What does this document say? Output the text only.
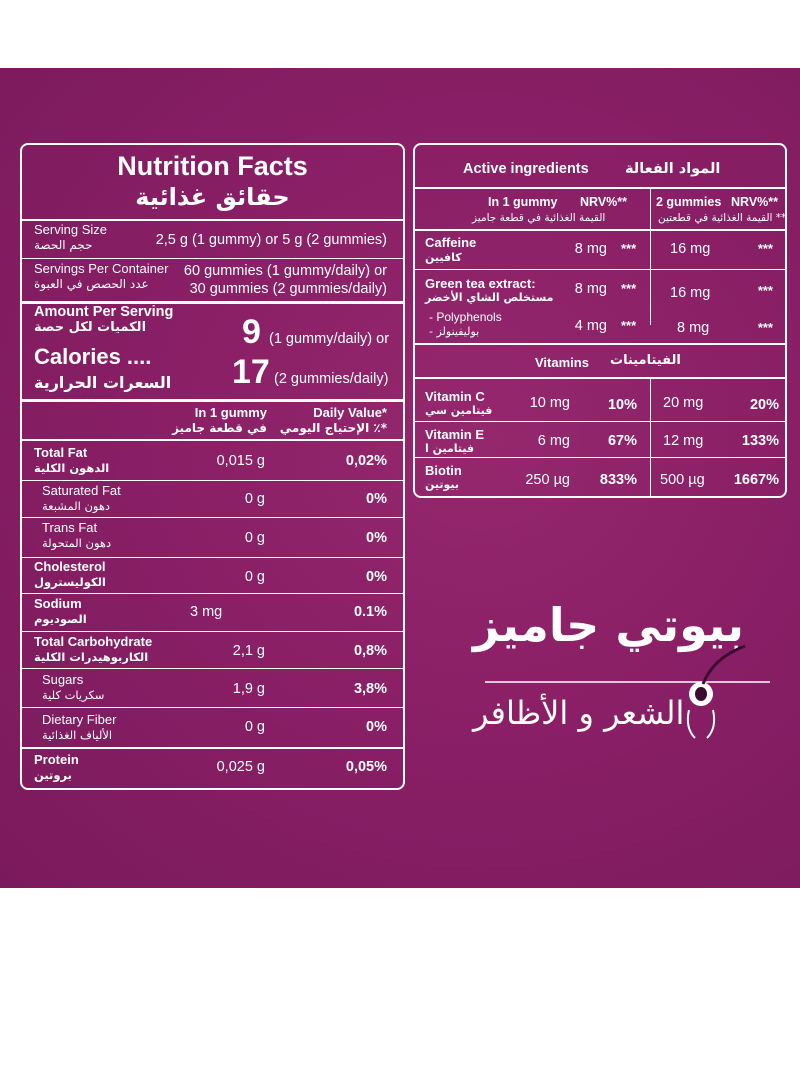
Nutrition Facts
حقائق غذائية
Serving Size
حجم الحصة	2,5 g (1 gummy) or 5 g (2 gummies)
Servings Per Container
عدد الحصص في العبوة
60 gummies (1 gummy/daily) or
30 gummies (2 gummies/daily)
Amount Per Serving
الكميات لكل حصة
Calories ....
السعرات الحرارية
9 (1 gummy/daily) or
17 (2 gummies/daily)
In 1 gummy
في قطعة جاميز
Daily Value*
الإحتياج اليومي ٪*
Total Fat
الدهون الكلية	0,015 g	0,02%
Saturated Fat
دهون المشبعة	0 g	0%
Trans Fat
دهون المتحولة	0 g	0%
Cholesterol
الكوليسترول	0 g	0%
Sodium
الصوديوم	3 mg	0.1%
Total Carbohydrate
الكاربوهيدرات الكلية	2,1 g	0,8%
Sugars
سكريات كلية	1,9 g	3,8%
Dietary Fiber
الألياف الغذائية	0 g	0%
Protein
بروتين	0,025 g	0,05%
Active ingredients	المواد الفعالة
In 1 gummy NRV%**
القيمة الغذائية في قطعة جاميز
2 gummies NRV%**
القيمة الغذائية في قطعتين **
Caffeine
كافيين
8 mg *** 16 mg	***
Green tea extract:
مستخلص الشاي الأخضر
8 mg *** 16 mg	***
- Polyphenols
- بوليفينولز	4 mg ***	8 mg	***
Vitamins الفيتامينات
Vitamin C
فيتامين سي	10 mg	10% 20 mg	20%
Vitamin E
فيتامين ا	6 mg	67% 12 mg	133%
Biotin
بيوتين	250 µg 833% 500 µg 1667%
بيوتي جاميز
الشعر و الأظافر
